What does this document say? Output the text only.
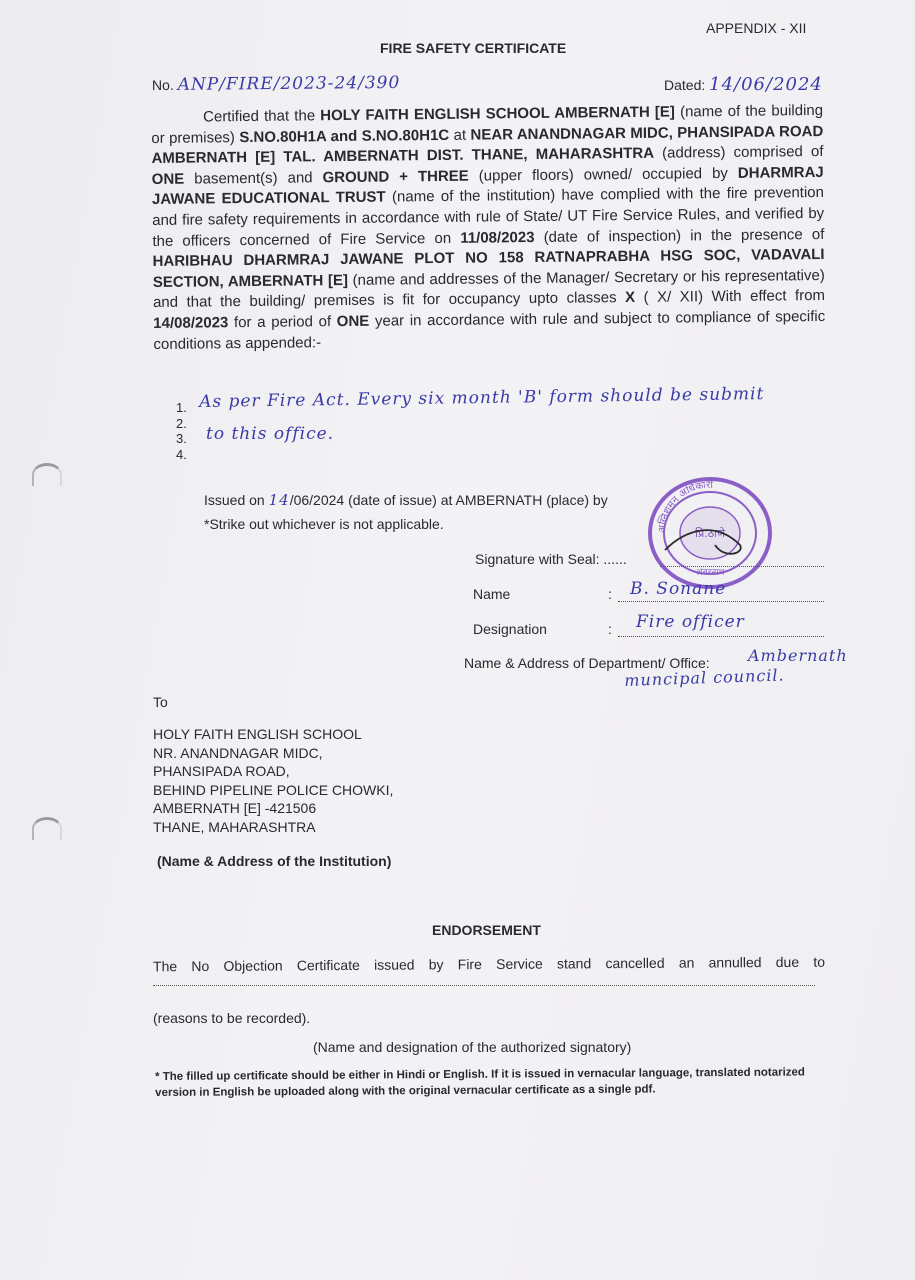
APPENDIX - XII
FIRE SAFETY CERTIFICATE
No. ANP/FIRE/2023-24/390	Dated: 14/06/2024
Certified that the HOLY FAITH ENGLISH SCHOOL AMBERNATH [E] (name of the building or premises) S.NO.80H1A and S.NO.80H1C at NEAR ANANDNAGAR MIDC, PHANSIPADA ROAD AMBERNATH [E] TAL. AMBERNATH DIST. THANE, MAHARASHTRA (address) comprised of ONE basement(s) and GROUND + THREE (upper floors) owned/ occupied by DHARMRAJ JAWANE EDUCATIONAL TRUST (name of the institution) have complied with the fire prevention and fire safety requirements in accordance with rule of State/ UT Fire Service Rules, and verified by the officers concerned of Fire Service on 11/08/2023 (date of inspection) in the presence of HARIBHAU DHARMRAJ JAWANE PLOT NO 158 RATNAPRABHA HSG SOC, VADAVALI SECTION, AMBERNATH [E] (name and addresses of the Manager/ Secretary or his representative) and that the building/ premises is fit for occupancy upto classes X ( X/ XII) With effect from 14/08/2023 for a period of ONE year in accordance with rule and subject to compliance of specific conditions as appended:-
1.
2.
3.
4.
As per Fire Act. Every six month 'B' form should be submit
to this office.
Issued on 14/06/2024 (date of issue) at AMBERNATH (place) by
*Strike out whichever is not applicable.	अग्निशमन अधिकारी
प्रि.ठाणे
अंबरनाथ
Signature with Seal: ......
Name	: B. Sonane
Designation	: Fire officer
Name & Address of Department/ Office: Ambernath
muncipal council.
To
HOLY FAITH ENGLISH SCHOOL
NR. ANANDNAGAR MIDC,
PHANSIPADA ROAD,
BEHIND PIPELINE POLICE CHOWKI,
AMBERNATH [E] -421506
THANE, MAHARASHTRA
(Name & Address of the Institution)
ENDORSEMENT
The No Objection Certificate issued by Fire Service stand cancelled an annulled due to
(reasons to be recorded).
(Name and designation of the authorized signatory)
* The filled up certificate should be either in Hindi or English. If it is issued in vernacular language, translated notarized version in English be uploaded along with the original vernacular certificate as a single pdf.
